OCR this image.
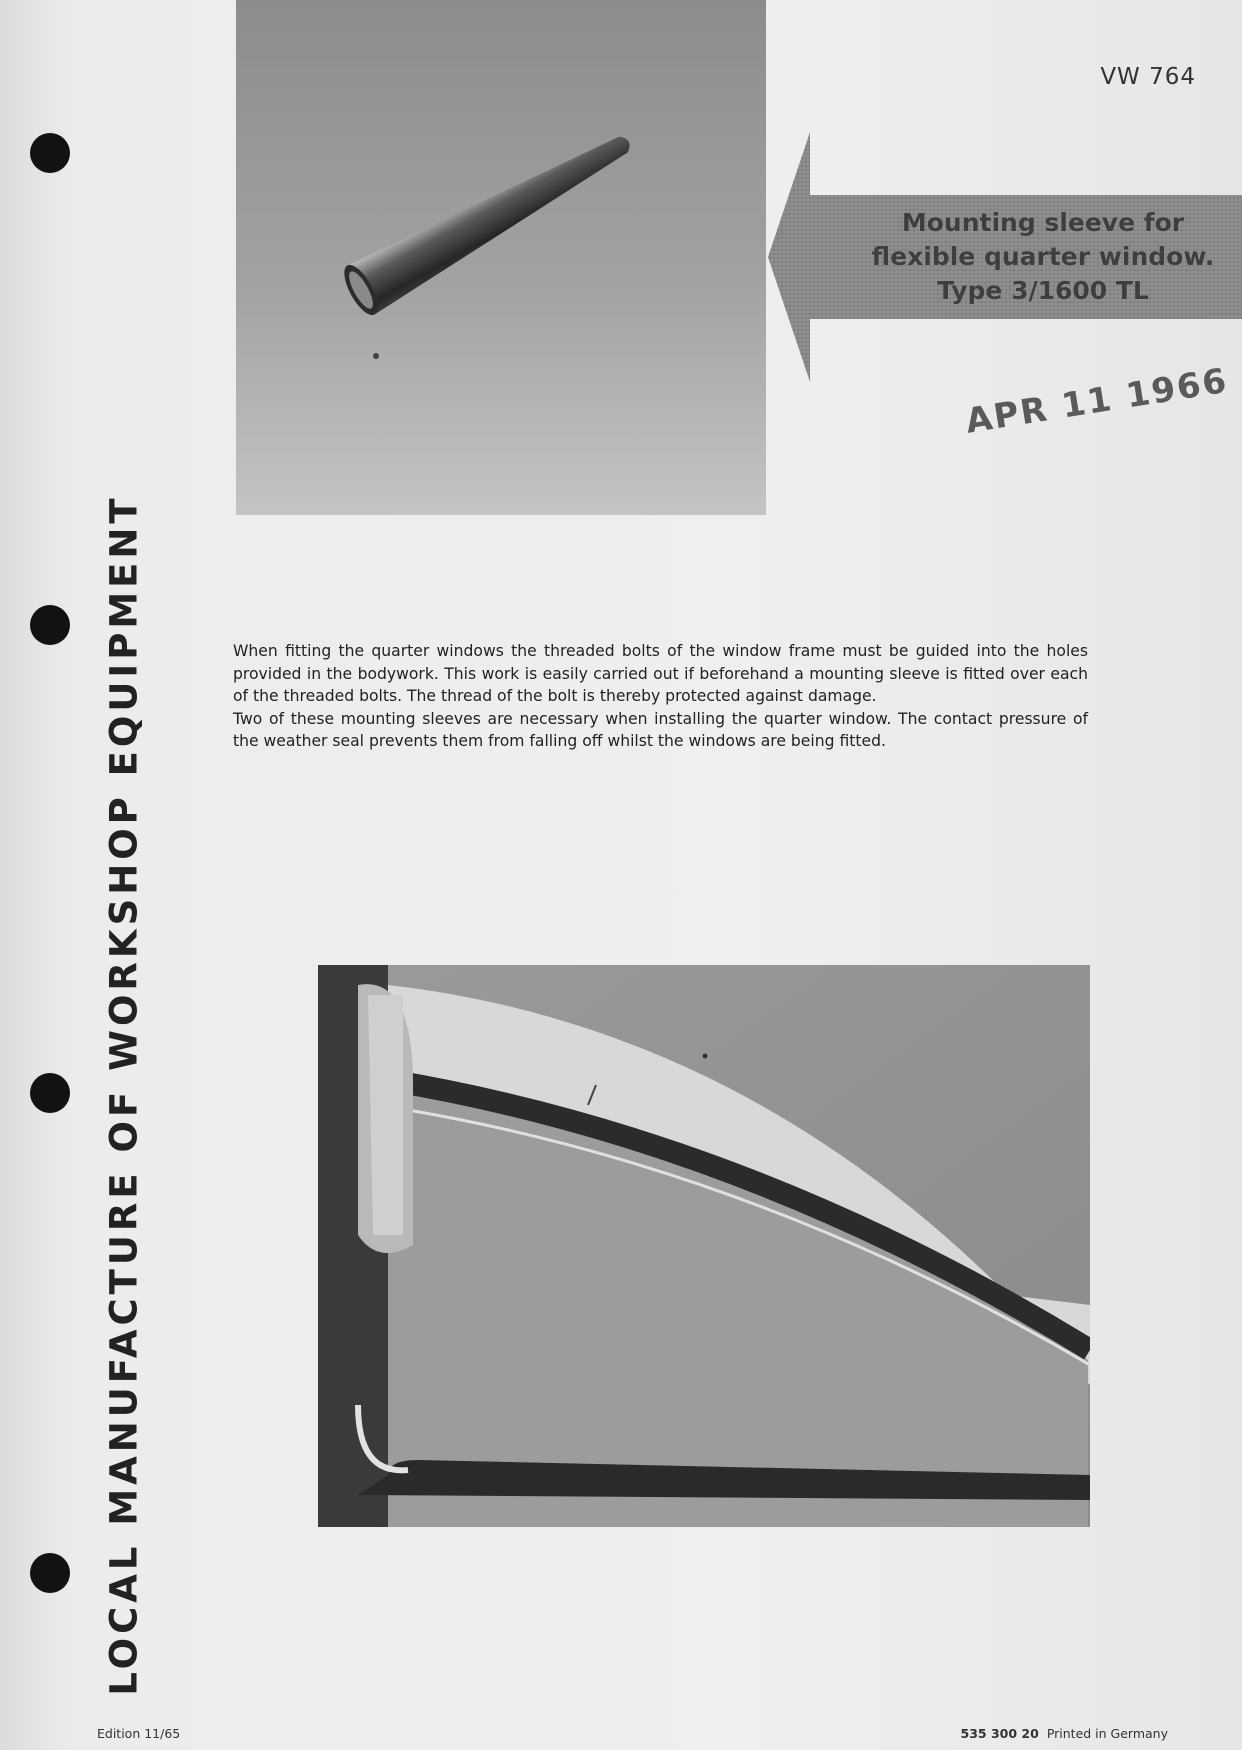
LOCAL MANUFACTURE OF WORKSHOP EQUIPMENT
VW 764
Mounting sleeve for
flexible quarter window.
Type 3/1600 TL
APR 11 1966

When fitting the quarter windows the threaded bolts of the window frame must be guided into the holes provided in the bodywork. This work is easily carried out if beforehand a mounting sleeve is fitted over each of the threaded bolts. The thread of the bolt is thereby protected against damage.

Two of these mounting sleeves are necessary when installing the quarter window. The contact pressure of the weather seal prevents them from falling off whilst the windows are being fitted.

Edition 11/65	535 300 20 Printed in Germany
